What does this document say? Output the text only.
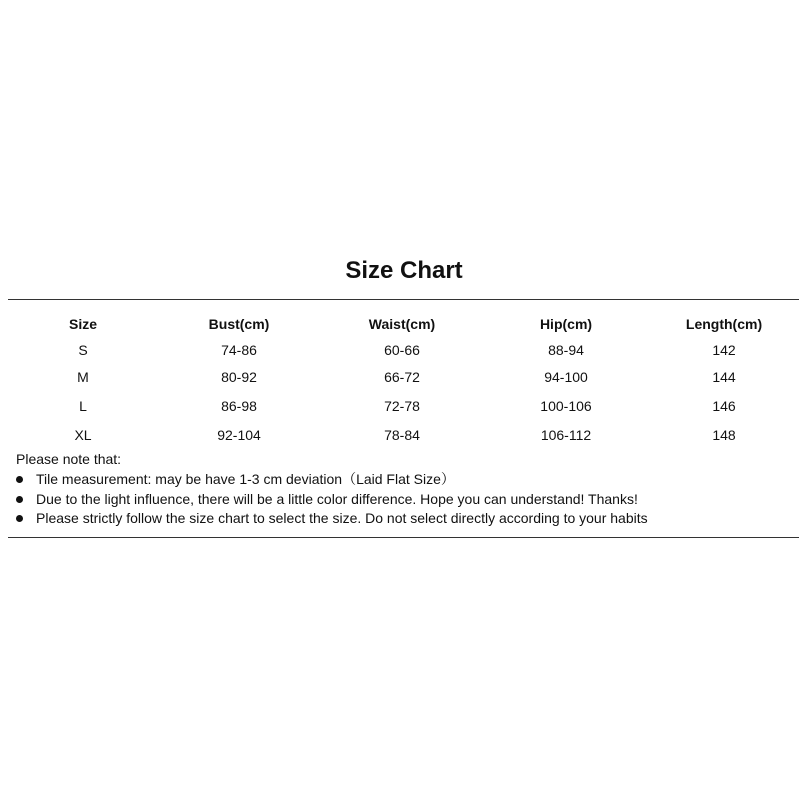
Size Chart
Size	Bust(cm)	Waist(cm)	Hip(cm)	Length(cm)
S	74-86	60-66	88-94	142
M	80-92	66-72	94-100	144
L	86-98	72-78	100-106	146
XL	92-104	78-84	106-112	148
Please note that:
Tile measurement: may be have 1-3 cm deviation（Laid Flat Size）
Due to the light influence, there will be a little color difference. Hope you can understand! Thanks!
Please strictly follow the size chart to select the size. Do not select directly according to your habits
